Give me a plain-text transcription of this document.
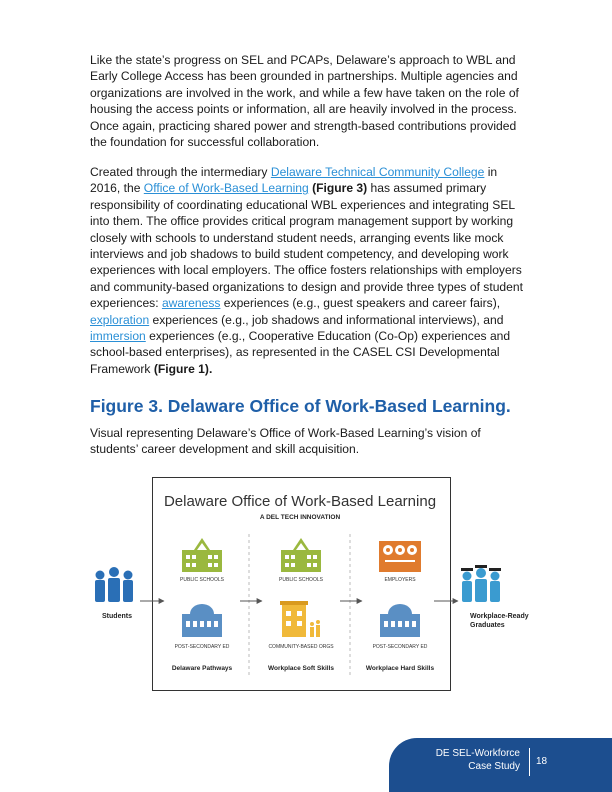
Like the state’s progress on SEL and PCAPs, Delaware’s approach to WBL and Early College Access has been grounded in partnerships. Multiple agencies and organizations are involved in the work, and while a few have taken on the role of housing the access points or information, all are heavily involved in the process. Once again, practicing shared power and strength-based contributions provided the foundation for successful collaboration.

Created through the intermediary Delaware Technical Community College in 2016, the Office of Work-Based Learning (Figure 3) has assumed primary responsibility of coordinating educational WBL experiences and integrating SEL into them. The office provides critical program management support by working closely with schools to understand student needs, arranging events like mock interviews and job shadows to build student competency, and developing work experiences with local employers. The office fosters relationships with employers and community-based organizations to design and provide three types of student experiences: awareness experiences (e.g., guest speakers and career fairs), exploration experiences (e.g., job shadows and informational interviews), and immersion experiences (e.g., Cooperative Education (Co-Op) experiences and school-based enterprises), as represented in the CASEL CSI Developmental Framework (Figure 1).

Figure 3. Delaware Office of Work-Based Learning.

Visual representing Delaware’s Office of Work-Based Learning’s vision of students’ career development and skill acquisition.

Delaware Office of Work-Based Learning
A DEL TECH INNOVATION
Students	Workplace-Ready
Graduates
PUBLIC SCHOOLS
POST-SECONDARY ED
Delaware Pathways
PUBLIC SCHOOLS
COMMUNITY-BASED ORGS
Workplace Soft Skills
EMPLOYERS
POST-SECONDARY ED
Workplace Hard Skills
DE SEL-Workforce
Case Study 18
